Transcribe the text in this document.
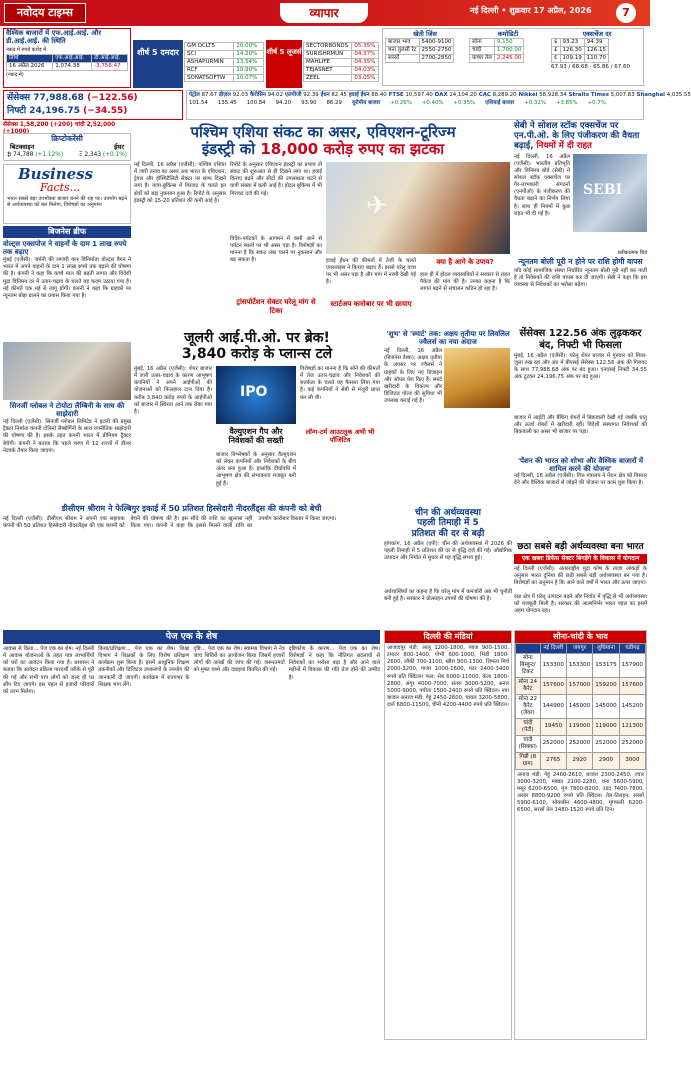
नवोदय टाइम्स	व्यापार	नई दिल्ली • शुक्रवार 17 अप्रैल, 2026	7
वैश्विक बाजारों में एफ.आई.आई. और डी.आई.आई. की स्थिति
नकद मे रुपये करोड़ में
तिथि	एफ.आई.आई.	डी.आई.आई.
16 अप्रैल 2026	1,074.38	-3,756.47
(नकद में)
शीर्ष 5 दमदार
GM DCLT5	20.00%
SCI	14.20%
ASHAPURMIN	13.54%
RCF	10.90%
SONATSOFTW	10.07%
शीर्ष 5 लूजर्स
SECTORBONDS	05.35%
SURISHRMUN	04.37%
MAHLIFE	04.35%
TEJASNET	04.03%
ZEEL	03.05%
खेती जिंस
बाजार भाव	5400-9100
चना तुलसी रेट	2550-2750
सरसों	2700-2850
कमोडिटी
सोना	9,150
चांदी	1,700.00
कच्चा तेल	2,245.00
एक्सचेंज दर
$	93.23	94.39
£	126.30	126.15
€	109.19	110.70
67.93 / 68.68 · 65.86 / 67.60
सेंसेक्स 77,988.68 (−122.56)
निफ्टी 24,196.75 (−34.55)
पेट्रोल 87.67 डीज़ल 92.03 कैरोसिन 94.02 एलपीजी 92.39 ईंधन 82.45 हवाई ईंधन 88.40 FTSE 10,597.40 DAX 24,104.20 CAC 8,289.20 Nikkei 58,928.34 Straits Times 5,007.83 Shanghai 4,035.55
101.54 135.45 100.84 94.20 93.90 86.29 यूरोपीय बाजार +0.26% +0.40% +0.35% एशियाई बाजार +0.32% +3.85% +0.7%
सेंसेक्स 1,58,200 (+200) चांदी 2,52,000 (+1000)
क्रिप्टोकरेंसी
बिटक्वाइन	ईथर
₿ 74,788 (+1.12%)	Ξ 2,343 (+0.1%)
Business
Facts...
भारत सबसे बड़ा उपभोक्ता बाजार बनने की राह पर। उपभोग बढ़ने से अर्थव्यवस्था को बल मिलेगा, विशेषज्ञों का अनुमान।
बिजनेस ब्रीफ
वोल्ट्स एक्सपोज ने वाहनों के दाम 1 लाख रुपये तक बढ़ाए
मुंबई (एजेंसी): जर्मनी की लग्जरी कार विनिर्माता वोल्ट्स वैगन ने भारत में अपने वाहनों के दाम 1 लाख रुपये तक बढ़ाने की घोषणा की है। कंपनी ने कहा कि कच्चे माल की बढ़ती लागत और विदेशी मुद्रा विनिमय दर में उतार-चढ़ाव के चलते यह कदम उठाया गया है। नई कीमतें एक मई से लागू होंगी। कंपनी ने कहा कि ग्राहकों पर न्यूनतम बोझ डालने का प्रयास किया गया है।
सिनर्जी ग्लोबल ने टोयोटा लैम्बिनी के साथ की साझेदारी
नई दिल्ली (एजेंसी): सिनर्जी ग्लोबल लिमिटेड ने इटली की प्रमुख ट्रैक्टर निर्माता कंपनी टोनिनो लैम्बोर्गिनी के साथ रणनीतिक साझेदारी की घोषणा की है। इसके तहत कंपनी भारत में प्रीमियम ट्रैक्टर बेचेगी। कंपनी ने बताया कि पहले चरण में 12 राज्यों में डीलर नेटवर्क तैयार किया जाएगा।
पश्चिम एशिया संकट का असर, एविएशन-टूरिज्म
इंडस्ट्री को 18,000 करोड़ रुपए का झटका
नई दिल्ली, 16 अप्रैल (एजेंसी): पश्चिम एशिया में जारी तनाव का असर अब भारत के एविएशन, ट्रेवल और हॉस्पिटैलिटी सेक्टर पर साफ दिखने लगा है। यात्रा-बुकिंग्स में गिरावट के चलते इन क्षेत्रों को बड़ा नुकसान हुआ है। रिपोर्ट के अनुसार इंडस्ट्री को 15-20 प्रतिशत की कमी आई है।
रिपोर्ट के अनुसार एविएशन इंडस्ट्री का प्रभाव तो संकट की शुरुआत से ही दिखने लगा था। हवाई किराए बढ़ने और सीटों की उपलब्धता घटने से यात्री संख्या में कमी आई है। होटल बुकिंग्स में भी गिरावट दर्ज की गई।	✈
विदेश-पर्यटकों के आगमन में कमी आने से पर्यटन स्थलों पर भी असर पड़ा है। विशेषज्ञों का मानना है कि संकट लंबा चलने पर नुकसान और बढ़ सकता है।
ट्रांसपोर्टेशन सेक्टर घरेलू मांग से टिका
हवाई ईंधन की कीमतों में तेजी के चलते एयरलाइंस ने किराए बढ़ाए हैं। इससे घरेलू यात्रा पर भी असर पड़ा है और मांग में नरमी देखी गई है।
स्टार्टअप कारोबार पर भी छायाए
क्या है आगे के उपाय?
हाल ही में होटल व्यवसायियों ने सरकार से राहत पैकेज की मांग की है। उनका कहना है कि लागत बढ़ने से संचालन कठिन हो रहा है।
सेबी ने सोशल स्टॉक एक्सचेंज पर एन.पी.ओ. के लिए पंजीकरण की वैधता बढ़ाई, नियमों में दी राहत
नई दिल्ली, 16 अप्रैल (एजेंसी): भारतीय प्रतिभूति और विनिमय बोर्ड (सेबी) ने सोशल स्टॉक एक्सचेंज पर गैर-लाभकारी संगठनों (एनपीओ) के पंजीकरण की वैधता बढ़ाने का निर्णय लिया है। साथ ही नियमों में कुछ राहत भी दी गई है।
SEBI
प्रतीकात्मक चित्र
न्यूनतम बोली पूरी न होने पर राशि होगी वापस
यदि कोई सामाजिक संस्था निर्धारित न्यूनतम बोली पूरी नहीं कर पाती है तो निवेशकों की राशि वापस कर दी जाएगी। सेबी ने कहा कि इस व्यवस्था से निवेशकों का भरोसा बढ़ेगा।
जूलरी आई.पी.ओ. पर ब्रेक!
3,840 करोड़ के प्लान्स टले
मुंबई, 16 अप्रैल (एजेंसी): शेयर बाजार में जारी उतार-चढ़ाव के कारण आभूषण कंपनियों ने अपने आईपीओ की योजनाओं को फिलहाल टाल दिया है। करीब 3,840 करोड़ रुपये के आईपीओ को बाजार में स्थिरता आने तक रोका गया है।
IPO
विशेषज्ञों का मानना है कि सोने की कीमतों में तेज उतार-चढ़ाव और निवेशकों की सतर्कता के चलते यह फैसला लिया गया है। कई कंपनियों ने सेबी से मंजूरी प्राप्त कर ली थी।
वैल्युएशन गैप और निवेशकों की सख्ती
बाजार विश्लेषकों के अनुसार वैल्युएशन को लेकर कंपनियों और निवेशकों के बीच अंतर बना हुआ है। हालांकि दीर्घावधि में आभूषण क्षेत्र की संभावनाएं मजबूत बनी हुई हैं।
लॉन्ग-टर्म आउटलुक अभी भी पॉजिटिव
'शुभ' से 'स्मार्ट' तक: अक्षय तृतीया पर लिवलिल ज्वैलर्स का नया अंदाज
नई दिल्ली, 16 अप्रैल (बिजनेस डेस्क): अक्षय तृतीया के अवसर पर ज्वैलर्स ने ग्राहकों के लिए नए डिजाइन और ऑफर पेश किए हैं। स्मार्ट खरीदारी के विकल्प और डिजिटल गोल्ड की सुविधा भी उपलब्ध कराई गई है।
सेंसेक्स 122.56 अंक लुढ़ककर
बंद, निफ्टी भी फिसला
मुंबई, 16 अप्रैल (एजेंसी): घरेलू शेयर बाजार में गुरुवार को मिला-जुला रुख रहा और अंत में बीएसई सेंसेक्स 122.56 अंक की गिरावट के साथ 77,988.68 अंक पर बंद हुआ। एनएसई निफ्टी 34.55 अंक टूटकर 24,196.75 अंक पर बंद हुआ।
बाजार में आईटी और बैंकिंग शेयरों में बिकवाली देखी गई जबकि धातु और ऊर्जा शेयरों में खरीदारी रही। विदेशी संस्थागत निवेशकों की बिकवाली का असर भी बाजार पर पड़ा।
'पेंशन की भारत को शोभा और वैश्विक बाजारों में शामिल करने की योजना'
नई दिल्ली, 16 अप्रैल (एजेंसी): वित्त मंत्रालय ने पेंशन क्षेत्र को विस्तार देने और वैश्विक बाजारों से जोड़ने की योजना पर काम शुरू किया है।
चीन की अर्थव्यवस्था
पहली तिमाही में 5
प्रतिशत की दर से बढ़ी
हांगकांग, 16 अप्रैल (एपी): चीन की अर्थव्यवस्था में 2026 की पहली तिमाही में 5 प्रतिशत की दर से वृद्धि दर्ज की गई। औद्योगिक उत्पादन और निर्यात में सुधार से यह वृद्धि संभव हुई।
अर्थशास्त्रियों का कहना है कि घरेलू मांग में कमजोरी अब भी चुनौती बनी हुई है। सरकार ने प्रोत्साहन उपायों की घोषणा की है।
डीसीएम श्रीराम ने फेल्बिगुर इकाई में 50 प्रतिशत हिस्सेदारी नीदरलैंड्स की कंपनी को बेची
नई दिल्ली (एजेंसी): डीसीएम श्रीराम ने अपनी एक सहायक कंपनी की 50 प्रतिशत हिस्सेदारी नीदरलैंड्स की एक कंपनी को बेचने की घोषणा की है। इस सौदे की राशि का खुलासा नहीं किया गया। कंपनी ने कहा कि इससे मिलने वाली राशि का उपयोग कारोबार विस्तार में किया जाएगा।
छठा सबसे बड़ी अर्थव्यवस्था बना भारत
एक खबरः डिफेंस सेक्टर बिगड़ेंगे के विकास में योगदान
नई दिल्ली (एजेंसी): अंतरराष्ट्रीय मुद्रा कोष के ताजा आंकड़ों के अनुसार भारत दुनिया की छठी सबसे बड़ी अर्थव्यवस्था बन गया है। विशेषज्ञों का अनुमान है कि आने वाले वर्षों में भारत और ऊपर जाएगा।
रक्षा क्षेत्र में घरेलू उत्पादन बढ़ने और निर्यात में वृद्धि से भी अर्थव्यवस्था को मजबूती मिली है। सरकार की आत्मनिर्भर भारत पहल का इसमें अहम योगदान रहा।
पेज एक के शेष
आवास से किया... पेज एक का शेष। नई दिल्ली में आवास योजनाओं के तहत पात्र लाभार्थियों को घरों का आवंटन किया गया है। प्रशासन ने बताया कि आवेदन प्रक्रिया पारदर्शी तरीके से पूरी की गई और सभी पात्र लोगों को जल्द ही घर सौंप दिए जाएंगे। इस पहल से हजारों परिवारों को लाभ मिलेगा।
किया/प्रशिक्षण... पेज एक का शेष। शिक्षा विभाग ने शिक्षकों के लिए विशेष प्रशिक्षण कार्यक्रम शुरू किया है। इसमें आधुनिक शिक्षण तकनीकों और डिजिटल उपकरणों के उपयोग की जानकारी दी जाएगी। कार्यक्रम में राज्यभर के शिक्षक भाग लेंगे।
दृष्टि... पेज एक का शेष। स्वास्थ्य विभाग ने नेत्र जांच शिविरों का आयोजन किया जिसमें हजारों लोगों की आंखों की जांच की गई। जरूरतमंदों को मुफ्त चश्मे और दवाइयां वितरित की गईं।
दृष्टिकोण के कारण... पेज एक का शेष। विशेषज्ञों ने कहा कि नीतिगत बदलावों से निवेशकों का भरोसा बढ़ा है और आने वाले महीनों में विकास की गति तेज होने की उम्मीद है।
दिल्ली की मंडियां
आजादपुर मंडी: आलू 1200-1800, प्याज 900-1500, टमाटर 800-1400, गोभी 600-1000, भिंडी 1800-2600, लौकी 700-1100, खीरा 900-1300, शिमला मिर्च 2000-3200, गाजर 1000-1600, मटर 2400-3400 रुपये प्रति क्विंटल। फल: सेब 6000-11000, केला 1800-2800, अंगूर 4000-7000, संतरा 3000-5200, अनार 5000-9000, पपीता 1500-2400 रुपये प्रति क्विंटल। नया बाजार अनाज मंडी: गेहूं 2450-2600, चावल 3200-5800, दालें 6800-11500, चीनी 4200-4400 रुपये प्रति क्विंटल।
सोना-चांदी के भाव
	नई दिल्ली	जयपुर	लुधियाना	चंडीगढ़
सोना बिस्कुट/टिकट	153300	153300	153175	157900
सोना 24 कैरेट	157600	157000	159200	157600
सोना 22 कैरेट (जेवर)	144900	145000	145000	145200
चांदी (पेटी)	19450	119000	119000	121300
चांदी (सिक्का)	252000	252000	252000	252000
गिन्नी (8 ग्राम)	2765	2920	2900	3000
अनाज मंडी: गेहूं 2460-2610, बाजरा 2300-2450, ज्वार 3000-3200, मक्का 2100-2280, चना 5600-5900, मसूर 6200-6500, मूंग 7800-8200, उड़द 7400-7800, अरहर 8800-9200 रुपये प्रति क्विंटल। तेल-तिलहन: सरसों 5900-6100, सोयाबीन 4600-4800, मूंगफली 6200-6500, सरसों तेल 1480-1520 रुपये प्रति टिन।
